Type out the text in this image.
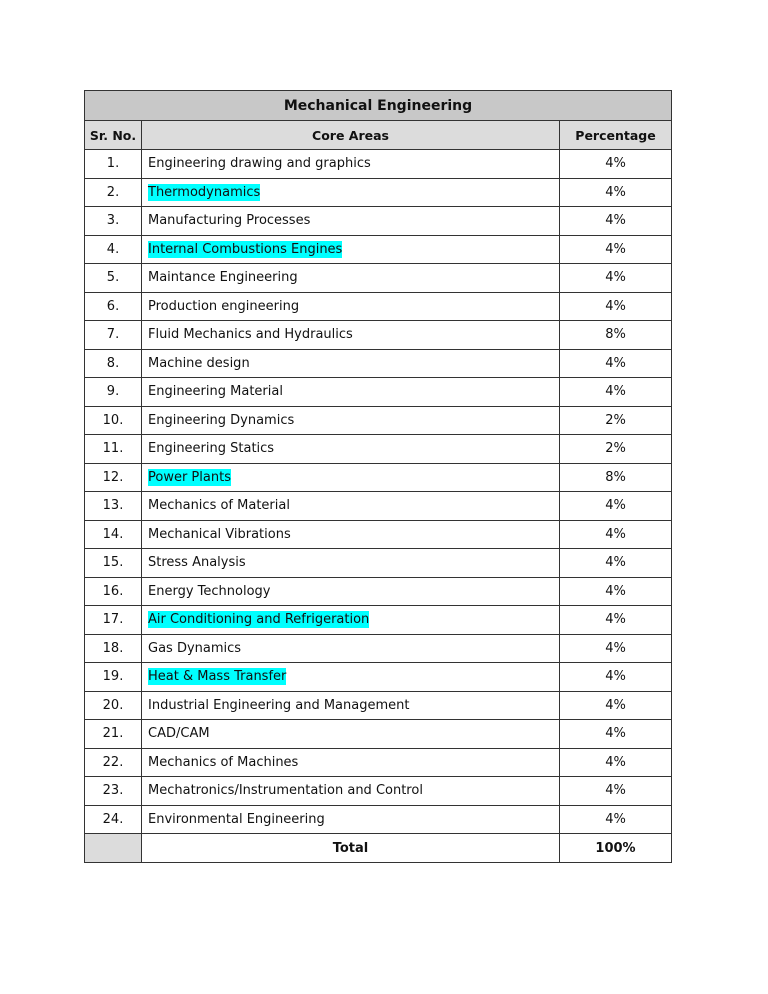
Mechanical Engineering		
Sr. No.	Core Areas	Percentage
1.	Engineering drawing and graphics	4%
2.	Thermodynamics	4%
3.	Manufacturing Processes	4%
4.	Internal Combustions Engines	4%
5.	Maintance Engineering	4%
6.	Production engineering	4%
7.	Fluid Mechanics and Hydraulics	8%
8.	Machine design	4%
9.	Engineering Material	4%
10.	Engineering Dynamics	2%
11.	Engineering Statics	2%
12.	Power Plants	8%
13.	Mechanics of Material	4%
14.	Mechanical Vibrations	4%
15.	Stress Analysis	4%
16.	Energy Technology	4%
17.	Air Conditioning and Refrigeration	4%
18.	Gas Dynamics	4%
19.	Heat & Mass Transfer	4%
20.	Industrial Engineering and Management	4%
21.	CAD/CAM	4%
22.	Mechanics of Machines	4%
23.	Mechatronics/Instrumentation and Control	4%
24.	Environmental Engineering	4%
	Total	100%
